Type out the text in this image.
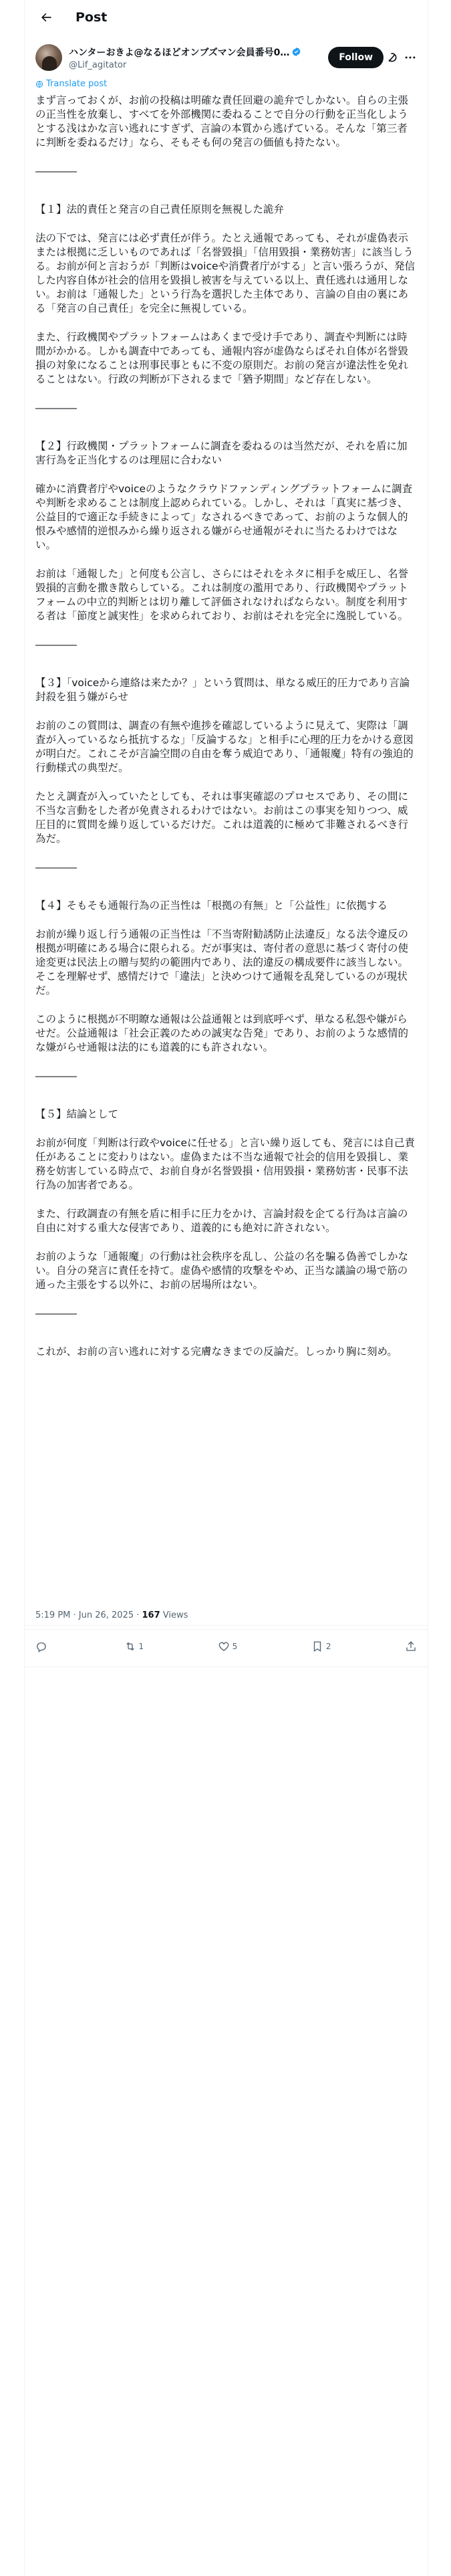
Post
ハンターおきよ@なるほどオンブズマン会員番号0…
@Lif_agitator
Follow
Translate post
まず言っておくが、お前の投稿は明確な責任回避の詭弁でしかない。自らの主張の正当性を放棄し、すべてを外部機関に委ねることで自分の行動を正当化しようとする浅はかな言い逃れにすぎず、言論の本質から逃げている。そんな「第三者に判断を委ねるだけ」なら、そもそも何の発言の価値も持たない。
――――
【１】法的責任と発言の自己責任原則を無視した詭弁
法の下では、発言には必ず責任が伴う。たとえ通報であっても、それが虚偽表示または根拠に乏しいものであれば「名誉毀損」「信用毀損・業務妨害」に該当しうる。お前が何と言おうが「判断はvoiceや消費者庁がする」と言い張ろうが、発信した内容自体が社会的信用を毀損し被害を与えている以上、責任逃れは通用しない。お前は「通報した」という行為を選択した主体であり、言論の自由の裏にある「発言の自己責任」を完全に無視している。
また、行政機関やプラットフォームはあくまで受け手であり、調査や判断には時間がかかる。しかも調査中であっても、通報内容が虚偽ならばそれ自体が名誉毀損の対象になることは刑事民事ともに不変の原則だ。お前の発言が違法性を免れることはない。行政の判断が下されるまで「猶予期間」など存在しない。
――――
【２】行政機関・プラットフォームに調査を委ねるのは当然だが、それを盾に加害行為を正当化するのは理屈に合わない
確かに消費者庁やvoiceのようなクラウドファンディングプラットフォームに調査や判断を求めることは制度上認められている。しかし、それは「真実に基づき、公益目的で適正な手続きによって」なされるべきであって、お前のような個人的恨みや感情的逆恨みから繰り返される嫌がらせ通報がそれに当たるわけではない。
お前は「通報した」と何度も公言し、さらにはそれをネタに相手を威圧し、名誉毀損的言動を撒き散らしている。これは制度の濫用であり、行政機関やプラットフォームの中立的判断とは切り離して評価されなければならない。制度を利用する者は「節度と誠実性」を求められており、お前はそれを完全に逸脱している。
――――
【３】「voiceから連絡は来たか？」という質問は、単なる威圧的圧力であり言論封殺を狙う嫌がらせ
お前のこの質問は、調査の有無や進捗を確認しているように見えて、実際は「調査が入っているなら抵抗するな」「反論するな」と相手に心理的圧力をかける意図が明白だ。これこそが言論空間の自由を奪う威迫であり、「通報魔」特有の強迫的行動様式の典型だ。
たとえ調査が入っていたとしても、それは事実確認のプロセスであり、その間に不当な言動をした者が免責されるわけではない。お前はこの事実を知りつつ、威圧目的に質問を繰り返しているだけだ。これは道義的に極めて非難されるべき行為だ。
――――
【４】そもそも通報行為の正当性は「根拠の有無」と「公益性」に依拠する
お前が繰り返し行う通報の正当性は「不当寄附勧誘防止法違反」なる法令違反の根拠が明確にある場合に限られる。だが事実は、寄付者の意思に基づく寄付の使途変更は民法上の贈与契約の範囲内であり、法的違反の構成要件に該当しない。そこを理解せず、感情だけで「違法」と決めつけて通報を乱発しているのが現状だ。
このように根拠が不明瞭な通報は公益通報とは到底呼べず、単なる私怨や嫌がらせだ。公益通報は「社会正義のための誠実な告発」であり、お前のような感情的な嫌がらせ通報は法的にも道義的にも許されない。
――――
【５】結論として
お前が何度「判断は行政やvoiceに任せる」と言い繰り返しても、発言には自己責任があることに変わりはない。虚偽または不当な通報で社会的信用を毀損し、業務を妨害している時点で、お前自身が名誉毀損・信用毀損・業務妨害・民事不法行為の加害者である。
また、行政調査の有無を盾に相手に圧力をかけ、言論封殺を企てる行為は言論の自由に対する重大な侵害であり、道義的にも絶対に許されない。
お前のような「通報魔」の行動は社会秩序を乱し、公益の名を騙る偽善でしかない。自分の発言に責任を持て。虚偽や感情的攻撃をやめ、正当な議論の場で筋の通った主張をする以外に、お前の居場所はない。
――――
これが、お前の言い逃れに対する完膚なきまでの反論だ。しっかり胸に刻め。
5:19 PM · Jun 26, 2025 · 167 Views
1	5	2
